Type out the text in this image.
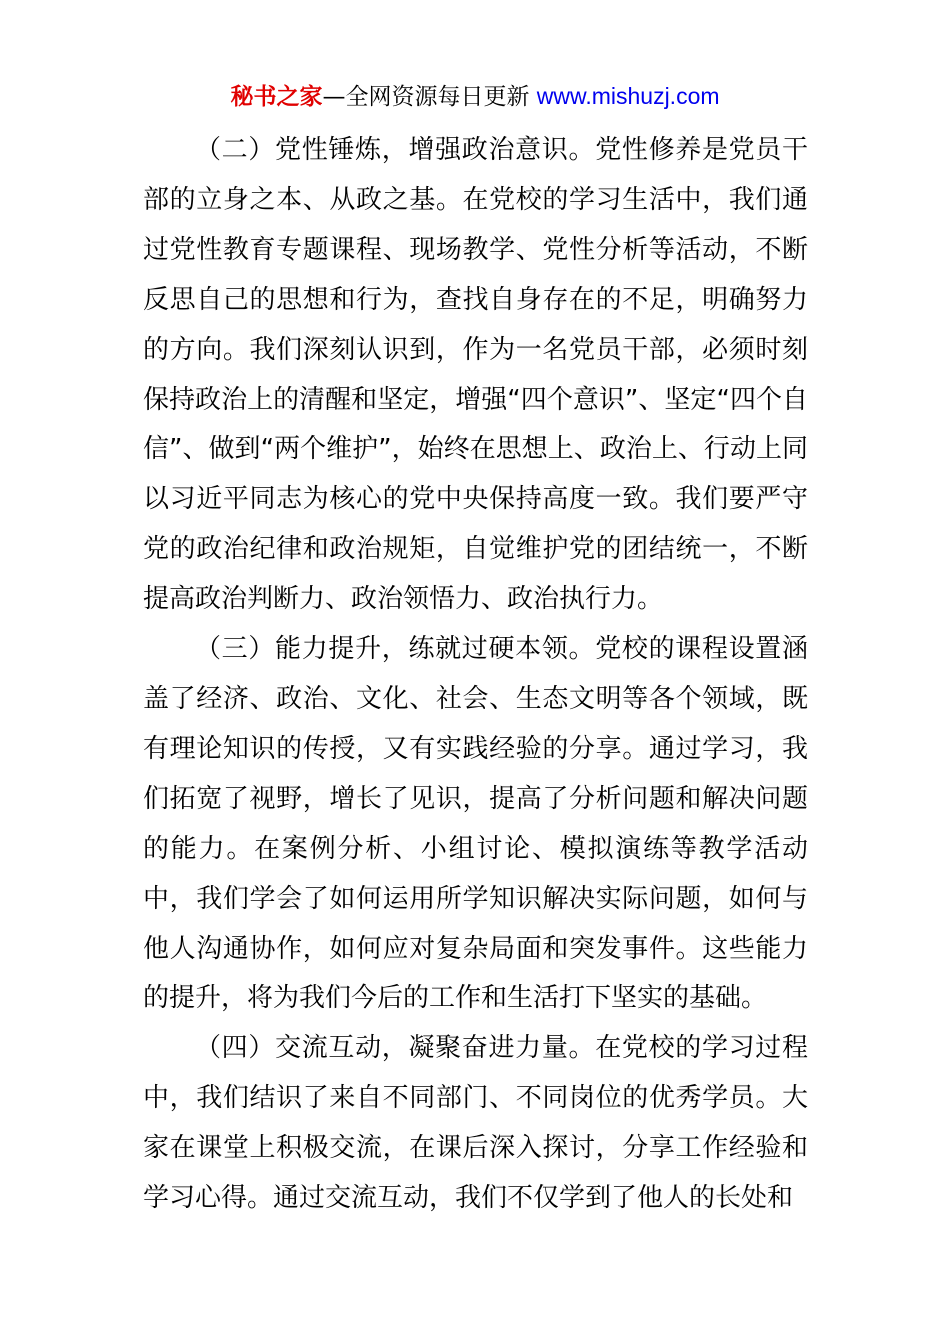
秘书之家—全网资源每日更新 www.mishuzj.com

（二）党性锤炼，增强政治意识。党性修养是党员干部的立身之本、从政之基。在党校的学习生活中，我们通过党性教育专题课程、现场教学、党性分析等活动，不断反思自己的思想和行为，查找自身存在的不足，明确努力的方向。我们深刻认识到，作为一名党员干部，必须时刻保持政治上的清醒和坚定，增强“四个意识”、坚定“四个自信”、做到“两个维护”，始终在思想上、政治上、行动上同以习近平同志为核心的党中央保持高度一致。我们要严守党的政治纪律和政治规矩，自觉维护党的团结统一，不断提高政治判断力、政治领悟力、政治执行力。

（三）能力提升，练就过硬本领。党校的课程设置涵盖了经济、政治、文化、社会、生态文明等各个领域，既有理论知识的传授，又有实践经验的分享。通过学习，我们拓宽了视野，增长了见识，提高了分析问题和解决问题的能力。在案例分析、小组讨论、模拟演练等教学活动中，我们学会了如何运用所学知识解决实际问题，如何与他人沟通协作，如何应对复杂局面和突发事件。这些能力的提升，将为我们今后的工作和生活打下坚实的基础。

（四）交流互动，凝聚奋进力量。在党校的学习过程中，我们结识了来自不同部门、不同岗位的优秀学员。大家在课堂上积极交流，在课后深入探讨，分享工作经验和学习心得。通过交流互动，我们不仅学到了他人的长处和
